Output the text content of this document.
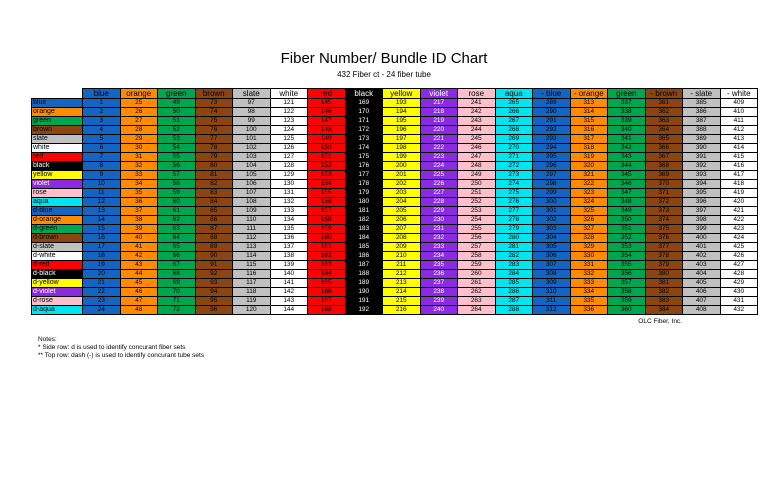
Fiber Number/ Bundle ID Chart
432 Fiber ct - 24 fiber tube
	blue	orange	green	brown	slate	white	red	black	yellow	violet	rose	aqua	- blue	- orange	green	- brown	- slate	- white
blue	1	25	49	73	97	121	145	169	193	217	241	265	289	313	337	361	385	409
orange	2	26	50	74	98	122	146	170	194	218	242	266	290	314	338	362	386	410
green	3	27	51	75	99	123	147	171	195	219	243	267	291	315	339	363	387	411
brown	4	28	52	76	100	124	148	172	196	220	244	268	292	316	340	364	388	412
slate	5	29	53	77	101	125	149	173	197	221	245	269	293	317	341	365	389	413
white	6	30	54	78	102	126	150	174	198	222	246	270	294	318	342	366	390	414
red	7	31	55	79	103	127	151	175	199	223	247	271	295	319	343	367	391	415
black	8	32	56	80	104	128	152	176	200	224	248	272	296	320	344	368	392	416
yellow	9	33	57	81	105	129	153	177	201	225	249	273	297	321	345	369	393	417
violet	10	34	58	82	106	130	154	178	202	226	250	274	298	322	346	370	394	418
rose	11	35	59	83	107	131	155	179	203	227	251	275	299	323	347	371	395	419
aqua	12	36	60	84	108	132	156	180	204	228	252	276	300	324	348	372	396	420
d-blue	13	37	61	85	109	133	157	181	205	229	253	277	301	325	349	373	397	421
d-orange	14	38	62	86	110	134	158	182	206	230	254	278	302	326	350	374	398	422
d-green	15	39	63	87	111	135	159	183	207	231	255	279	303	327	351	375	399	423
d-brown	16	40	64	88	112	136	160	184	208	232	256	280	304	328	352	376	400	424
d-slate	17	41	65	89	113	137	161	185	209	233	257	281	305	329	353	377	401	425
d-white	18	42	66	90	114	138	162	186	210	234	258	282	306	330	354	378	402	426
d-red	19	43	67	91	115	139	163	187	211	235	259	283	307	331	355	379	403	427
d-black	20	44	68	92	116	140	164	188	212	236	260	284	308	332	356	380	404	428
d-yellow	21	45	69	93	117	141	165	189	213	237	261	285	309	333	357	381	405	429
d-violet	22	46	70	94	118	142	166	190	214	238	262	286	310	334	358	382	406	430
d-rose	23	47	71	95	119	143	167	191	215	239	263	287	311	335	359	383	407	431
d-aqua	24	48	72	96	120	144	168	192	216	240	264	288	312	336	360	384	408	432
OLC Fiber, Inc.
Notes:
* Side row: d is used to identify concurant fiber sets
** Top row: dash (-) is used to identify concurant tube sets
